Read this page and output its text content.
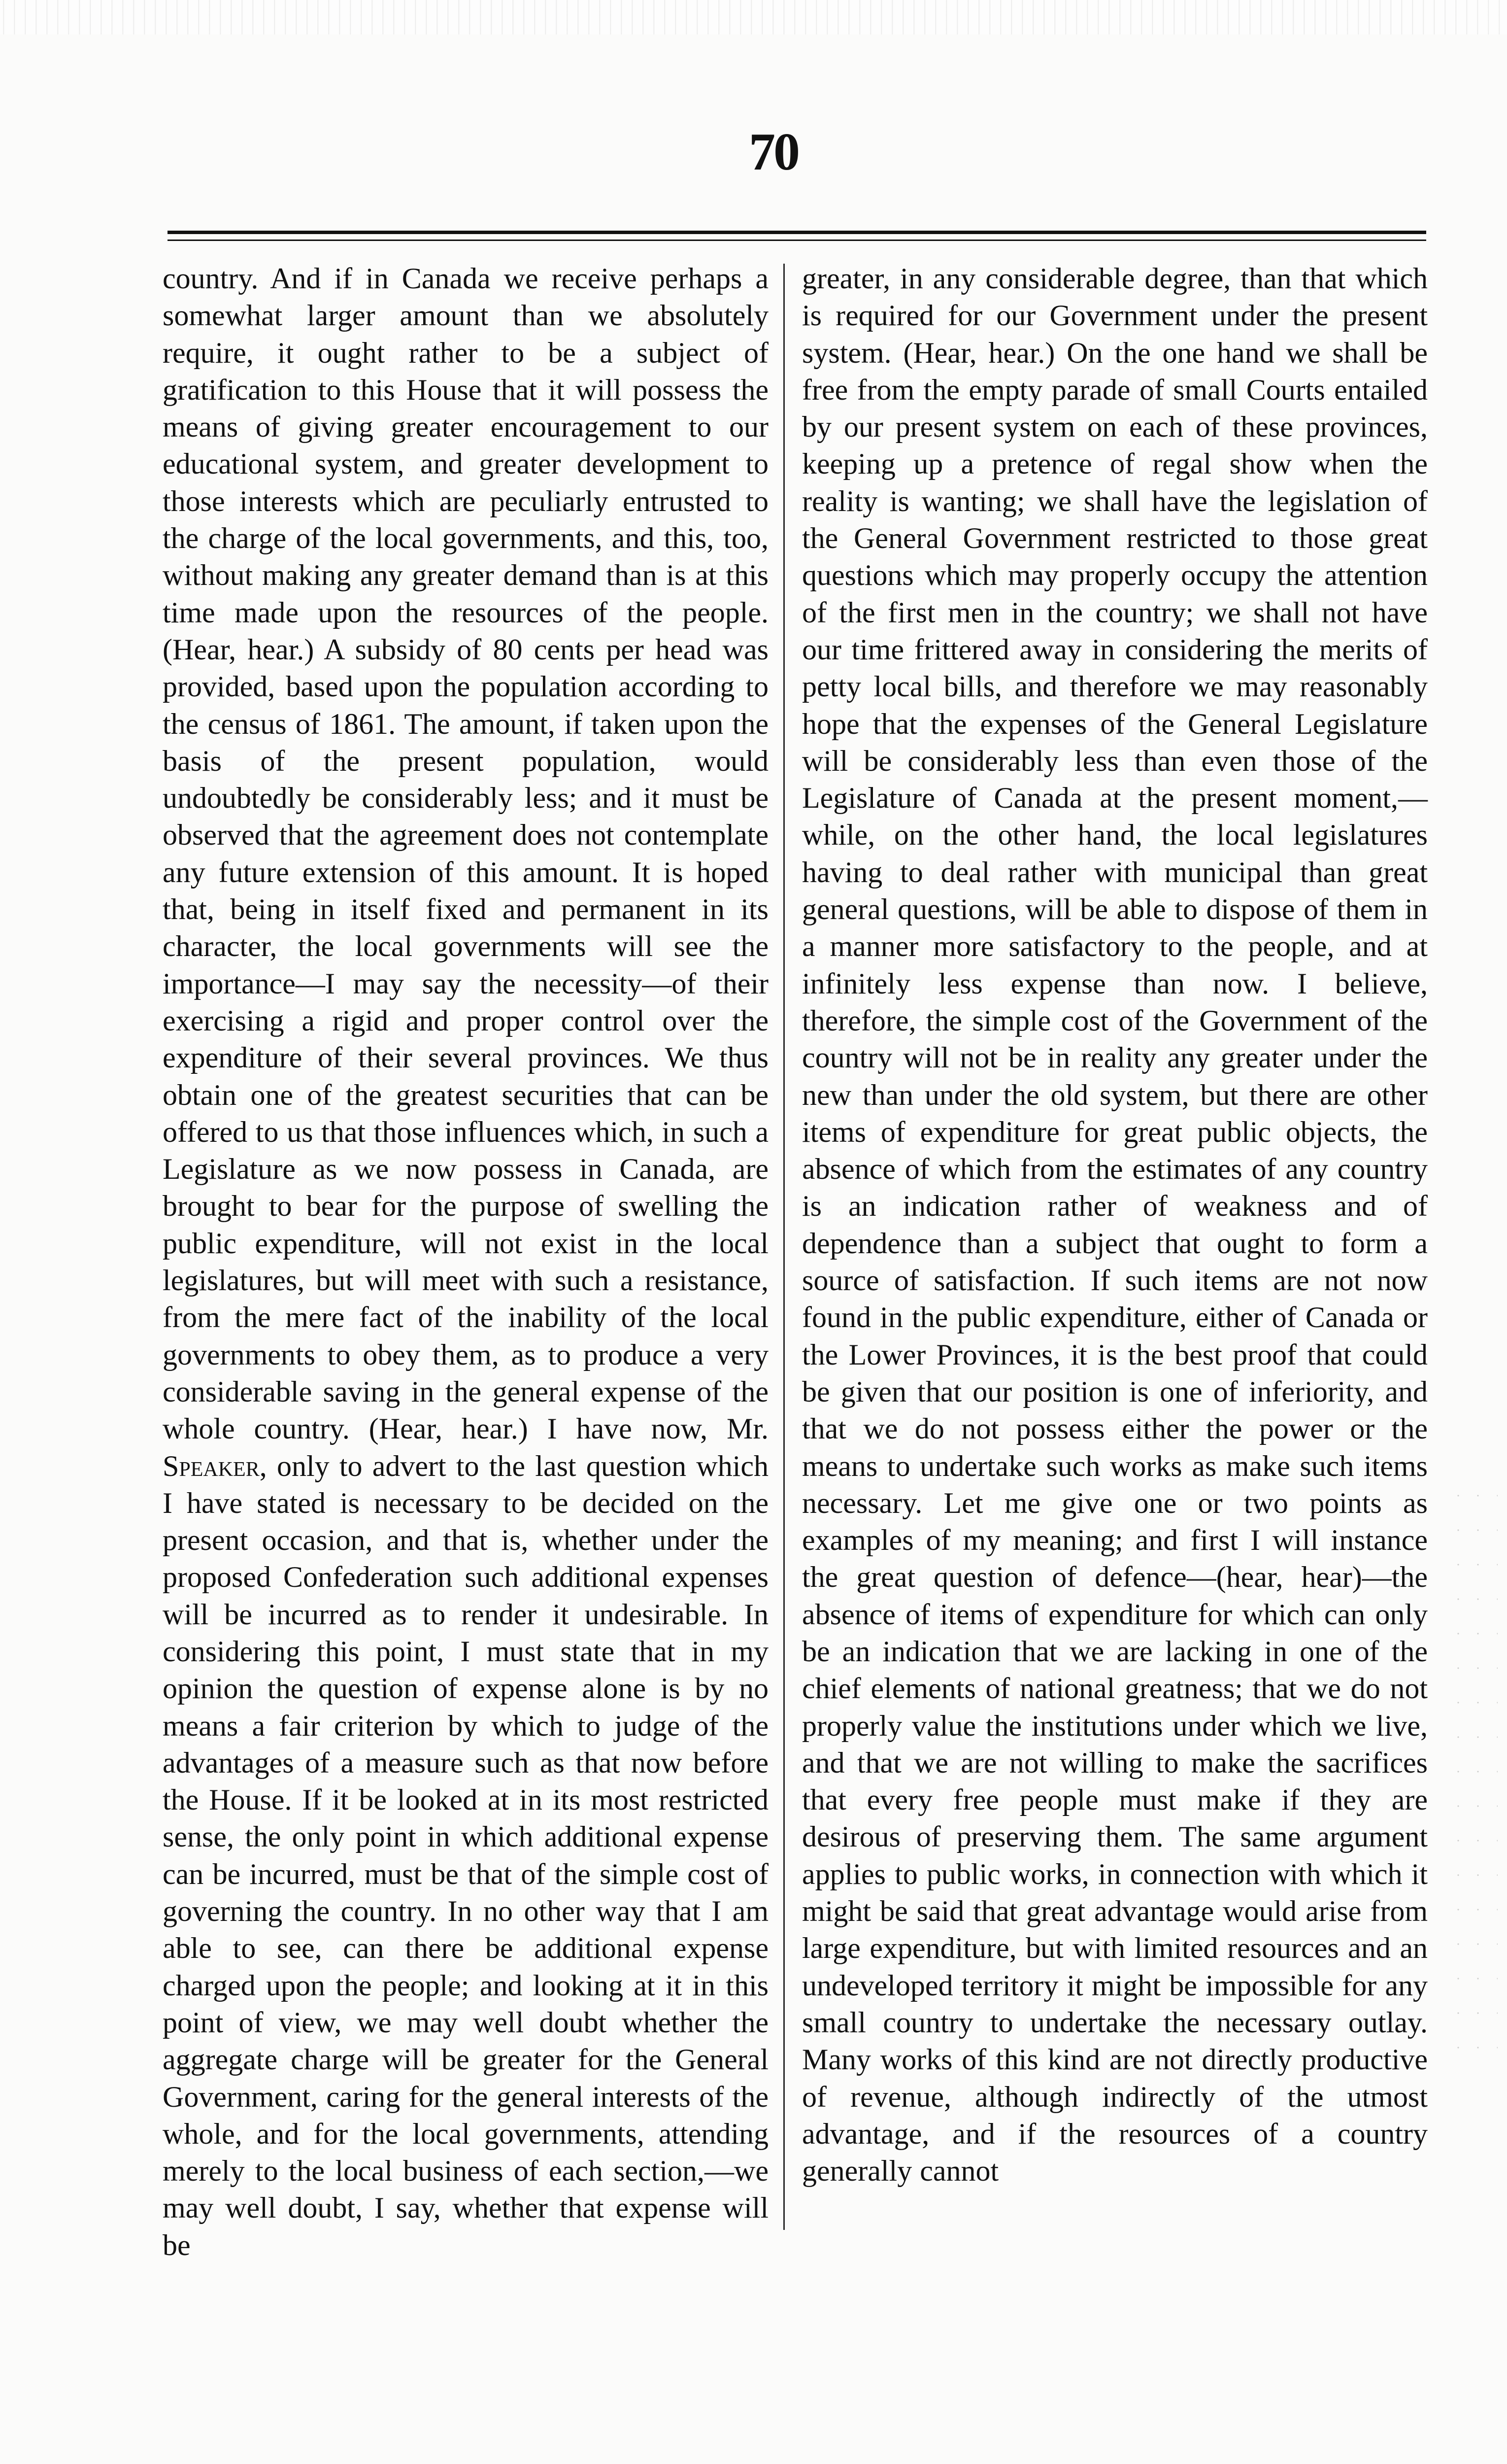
70

country. And if in Canada we receive perhaps a somewhat larger amount than we absolutely require, it ought rather to be a subject of gratification to this House that it will possess the means of giving greater encouragement to our educational system, and greater development to those interests which are peculiarly entrusted to the charge of the local governments, and this, too, without making any greater demand than is at this time made upon the resources of the people. (Hear, hear.) A subsidy of 80 cents per head was provided, based upon the population according to the census of 1861. The amount, if taken upon the basis of the present population, would undoubtedly be considerably less; and it must be observed that the agreement does not contemplate any future extension of this amount. It is hoped that, being in itself fixed and permanent in its character, the local governments will see the importance—I may say the necessity—of their exercising a rigid and proper control over the expenditure of their several provinces. We thus obtain one of the greatest securities that can be offered to us that those influences which, in such a Legislature as we now possess in Canada, are brought to bear for the purpose of swelling the public expenditure, will not exist in the local legislatures, but will meet with such a resistance, from the mere fact of the inability of the local governments to obey them, as to produce a very considerable saving in the general expense of the whole country. (Hear, hear.) I have now, Mr. Speaker, only to advert to the last question which I have stated is necessary to be decided on the present occasion, and that is, whether under the proposed Confederation such additional expenses will be incurred as to render it undesirable. In considering this point, I must state that in my opinion the question of expense alone is by no means a fair criterion by which to judge of the advantages of a measure such as that now before the House. If it be looked at in its most restricted sense, the only point in which additional expense can be incurred, must be that of the simple cost of governing the country. In no other way that I am able to see, can there be additional expense charged upon the people; and looking at it in this point of view, we may well doubt whether the aggregate charge will be greater for the General Government, caring for the general interests of the whole, and for the local governments, attending merely to the local business of each section,—we may well doubt, I say, whether that expense will be

greater, in any considerable degree, than that which is required for our Government under the present system. (Hear, hear.) On the one hand we shall be free from the empty parade of small Courts entailed by our present system on each of these provinces, keeping up a pretence of regal show when the reality is wanting; we shall have the legislation of the General Government restricted to those great questions which may properly occupy the attention of the first men in the country; we shall not have our time frittered away in considering the merits of petty local bills, and therefore we may reasonably hope that the expenses of the General Legislature will be considerably less than even those of the Legislature of Canada at the present moment,—while, on the other hand, the local legislatures having to deal rather with municipal than great general questions, will be able to dispose of them in a manner more satisfactory to the people, and at infinitely less expense than now. I believe, therefore, the simple cost of the Government of the country will not be in reality any greater under the new than under the old system, but there are other items of expenditure for great public objects, the absence of which from the estimates of any country is an indication rather of weakness and of dependence than a subject that ought to form a source of satisfaction. If such items are not now found in the public expenditure, either of Canada or the Lower Provinces, it is the best proof that could be given that our position is one of inferiority, and that we do not possess either the power or the means to undertake such works as make such items necessary. Let me give one or two points as examples of my meaning; and first I will instance the great question of defence—(hear, hear)—the absence of items of expenditure for which can only be an indication that we are lacking in one of the chief elements of national greatness; that we do not properly value the institutions under which we live, and that we are not willing to make the sacrifices that every free people must make if they are desirous of preserving them. The same argument applies to public works, in connection with which it might be said that great advantage would arise from large expenditure, but with limited resources and an undeveloped territory it might be impossible for any small country to undertake the necessary outlay. Many works of this kind are not directly productive of revenue, although indirectly of the utmost advantage, and if the resources of a country generally cannot
